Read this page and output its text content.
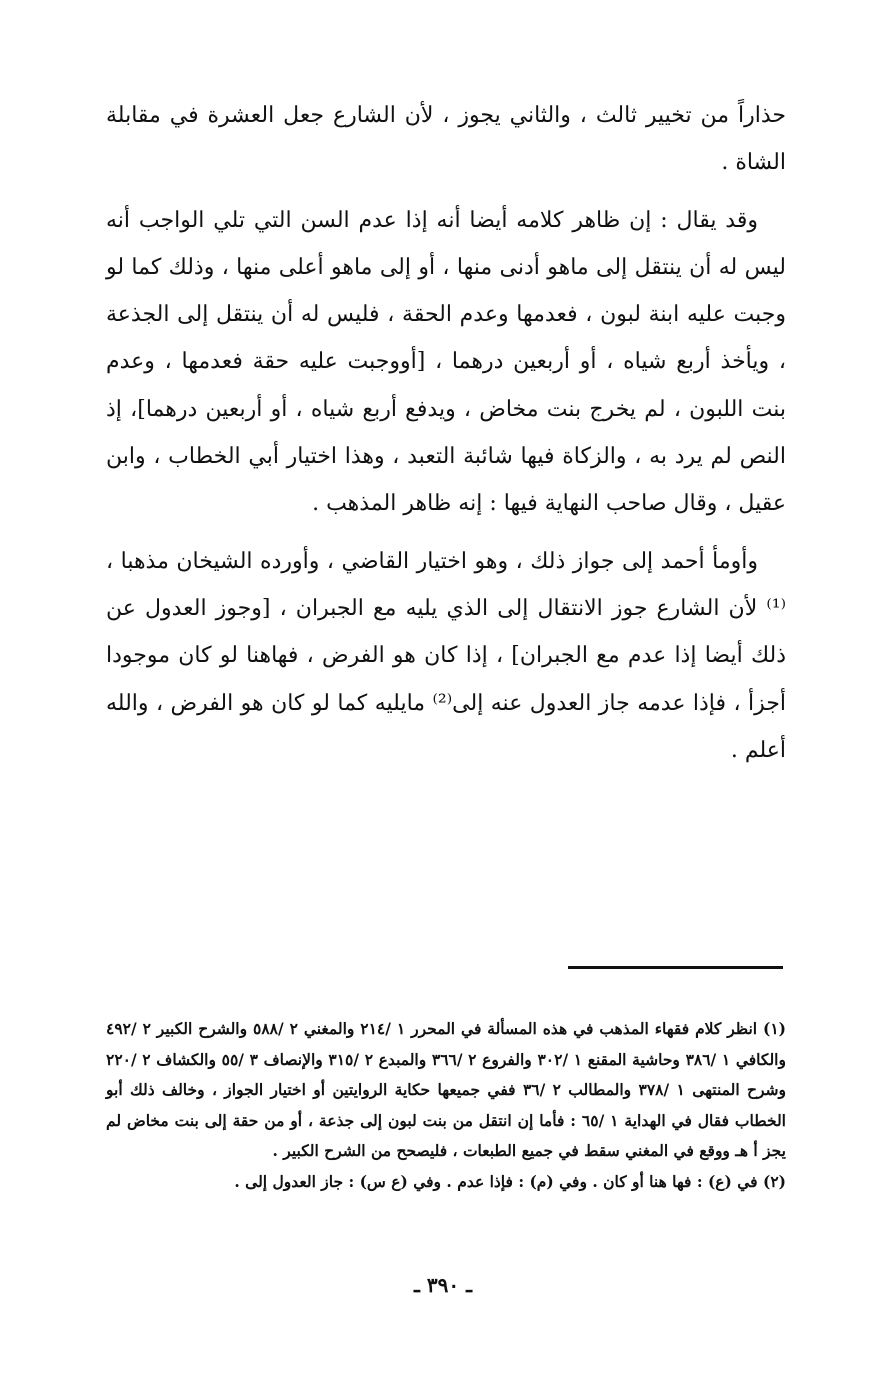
حذاراً من تخيير ثالث ، والثاني يجوز ، لأن الشارع جعل العشرة في مقابلة الشاة .

وقد يقال : إن ظاهر كلامه أيضا أنه إذا عدم السن التي تلي الواجب أنه ليس له أن ينتقل إلى ماهو أدنى منها ، أو إلى ماهو أعلى منها ، وذلك كما لو وجبت عليه ابنة لبون ، فعدمها وعدم الحقة ، فليس له أن ينتقل إلى الجذعة ، ويأخذ أربع شياه ، أو أربعين درهما ، [أووجبت عليه حقة فعدمها ، وعدم بنت اللبون ، لم يخرج بنت مخاض ، ويدفع أربع شياه ، أو أربعين درهما]، إذ النص لم يرد به ، والزكاة فيها شائبة التعبد ، وهذا اختيار أبي الخطاب ، وابن عقيل ، وقال صاحب النهاية فيها : إنه ظاهر المذهب .

وأومأ أحمد إلى جواز ذلك ، وهو اختيار القاضي ، وأورده الشيخان مذهبا ،⁽¹⁾ لأن الشارع جوز الانتقال إلى الذي يليه مع الجبران ، [وجوز العدول عن ذلك أيضا إذا عدم مع الجبران] ، إذا كان هو الفرض ، فهاهنا لو كان موجودا أجزأ ، فإذا عدمه جاز العدول عنه إلى⁽²⁾ مايليه كما لو كان هو الفرض ، والله أعلم .

(١) انظر كلام فقهاء المذهب في هذه المسألة في المحرر ١ /٢١٤ والمغني ٢ /٥٨٨ والشرح الكبير ٢ /٤٩٢ والكافي ١ /٣٨٦ وحاشية المقنع ١ /٣٠٢ والفروع ٢ /٣٦٦ والمبدع ٢ /٣١٥ والإنصاف ٣ /٥٥ والكشاف ٢ /٢٢٠ وشرح المنتهى ١ /٣٧٨ والمطالب ٢ /٣٦ ففي جميعها حكاية الروايتين أو اختيار الجواز ، وخالف ذلك أبو الخطاب فقال في الهداية ١ /٦٥ : فأما إن انتقل من بنت لبون إلى جذعة ، أو من حقة إلى بنت مخاض لم يجز أ هـ ووقع في المغني سقط في جميع الطبعات ، فليصحح من الشرح الكبير .

(٢) في (ع) : فها هنا أو كان . وفي (م) : فإذا عدم . وفي (ع س) : جاز العدول إلى .

ـ ٣٩٠ ـ
